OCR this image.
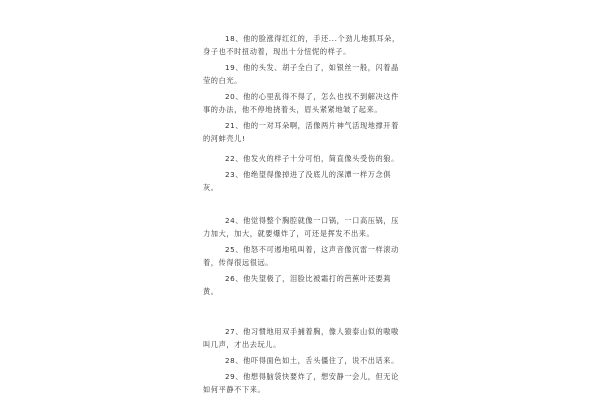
18、他的脸涨得红红的，手还...个劲儿地抓耳朵，身子也不时扭动着，现出十分忸怩的样子。

19、他的头发、胡子全白了，如银丝一般，闪着晶莹的白光。

20、他的心里乱得不得了，怎么也找不到解决这件事的办法，他不停地挠着头，眉头紧紧地皱了起来。

21、他的一对耳朵啊，活像两片神气活现地撑开着的河蚌壳儿!

22、他发火的样子十分可怕，简直像头受伤的狼。

23、他绝望得像掉进了没底儿的深潭一样万念俱灰。

24、他觉得整个胸腔就像一口锅，一口高压锅，压力加大，加大，就要爆炸了，可还是挥发不出来。

25、他怒不可遏地吼叫着，这声音像沉雷一样滚动着，传得很远很远。

26、他失望极了，泪脸比被霜打的芭蕉叶还要蔫黄。

27、他习惯地用双手捕着胸，像人猿泰山似的嗷嗷叫几声，才出去玩儿。

28、他吓得面色如土，舌头僵住了，说不出话来。

29、他想得脑袋快要炸了，想安静一会儿，但无论如何平静不下来。
